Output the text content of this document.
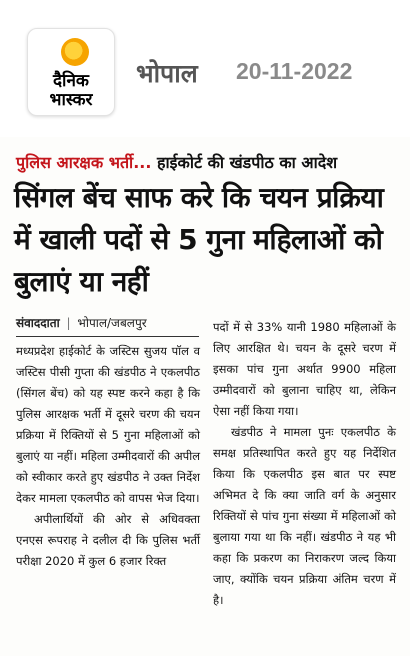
दैनिक
भास्कर
भोपाल 20-11-2022
पुलिस आरक्षक भर्ती... हाईकोर्ट की खंडपीठ का आदेश
सिंगल बेंच साफ करे कि चयन प्रक्रिया में खाली पदों से 5 गुना महिलाओं को बुलाएं या नहीं
संवाददाता | भोपाल/जबलपुर

मध्यप्रदेश हाईकोर्ट के जस्टिस सुजय पॉल व जस्टिस पीसी गुप्ता की खंडपीठ ने एकलपीठ (सिंगल बेंच) को यह स्पष्ट करने कहा है कि पुलिस आरक्षक भर्ती में दूसरे चरण की चयन प्रक्रिया में रिक्तियों से 5 गुना महिलाओं को बुलाएं या नहीं। महिला उम्मीदवारों की अपील को स्वीकार करते हुए खंडपीठ ने उक्त निर्देश देकर मामला एकलपीठ को वापस भेज दिया।

अपीलार्थियों की ओर से अधिवक्ता एनएस रूपराह ने दलील दी कि पुलिस भर्ती परीक्षा 2020 में कुल 6 हजार रिक्त

पदों में से 33% यानी 1980 महिलाओं के लिए आरक्षित थे। चयन के दूसरे चरण में इसका पांच गुना अर्थात 9900 महिला उम्मीदवारों को बुलाना चाहिए था, लेकिन ऐसा नहीं किया गया।

खंडपीठ ने मामला पुनः एकलपीठ के समक्ष प्रतिस्थापित करते हुए यह निर्देशित किया कि एकलपीठ इस बात पर स्पष्ट अभिमत दे कि क्या जाति वर्ग के अनुसार रिक्तियों से पांच गुना संख्या में महिलाओं को बुलाया गया था कि नहीं। खंडपीठ ने यह भी कहा कि प्रकरण का निराकरण जल्द किया जाए, क्योंकि चयन प्रक्रिया अंतिम चरण में है।
